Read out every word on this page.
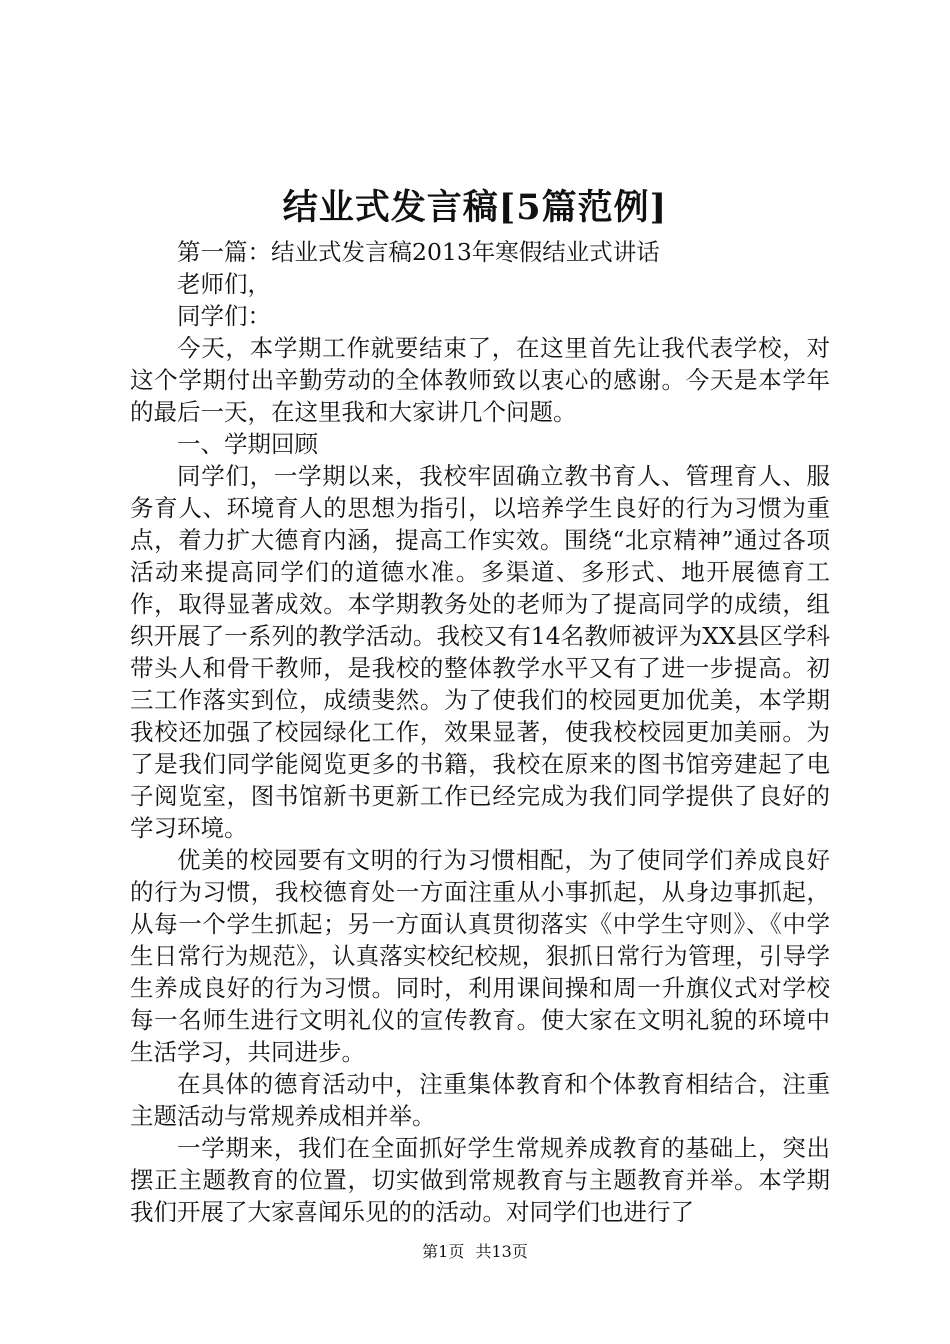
结业式发言稿[5篇范例]

第一篇：结业式发言稿2013年寒假结业式讲话

老师们，

同学们：

今天，本学期工作就要结束了，在这里首先让我代表学校，对这个学期付出辛勤劳动的全体教师致以衷心的感谢。今天是本学年的最后一天，在这里我和大家讲几个问题。

一、学期回顾

同学们，一学期以来，我校牢固确立教书育人、管理育人、服务育人、环境育人的思想为指引，以培养学生良好的行为习惯为重点，着力扩大德育内涵，提高工作实效。围绕“北京精神”通过各项活动来提高同学们的道德水准。多渠道、多形式、地开展德育工作，取得显著成效。本学期教务处的老师为了提高同学的成绩，组织开展了一系列的教学活动。我校又有14名教师被评为XX县区学科带头人和骨干教师，是我校的整体教学水平又有了进一步提高。初三工作落实到位，成绩斐然。为了使我们的校园更加优美，本学期我校还加强了校园绿化工作，效果显著，使我校校园更加美丽。为了是我们同学能阅览更多的书籍，我校在原来的图书馆旁建起了电子阅览室，图书馆新书更新工作已经完成为我们同学提供了良好的学习环境。

优美的校园要有文明的行为习惯相配，为了使同学们养成良好的行为习惯，我校德育处一方面注重从小事抓起，从身边事抓起，从每一个学生抓起；另一方面认真贯彻落实《中学生守则》、《中学生日常行为规范》，认真落实校纪校规，狠抓日常行为管理，引导学生养成良好的行为习惯。同时，利用课间操和周一升旗仪式对学校每一名师生进行文明礼仪的宣传教育。使大家在文明礼貌的环境中生活学习，共同进步。

在具体的德育活动中，注重集体教育和个体教育相结合，注重主题活动与常规养成相并举。

一学期来，我们在全面抓好学生常规养成教育的基础上，突出摆正主题教育的位置，切实做到常规教育与主题教育并举。本学期我们开展了大家喜闻乐见的的活动。对同学们也进行了

第1页 共13页
